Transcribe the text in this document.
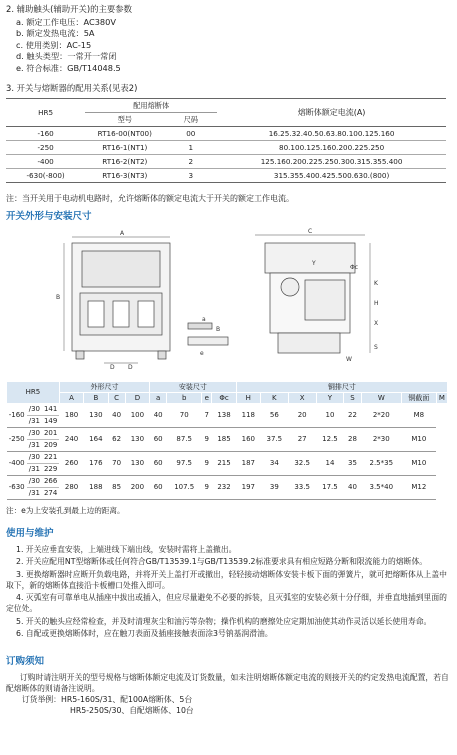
2. 辅助触头(辅助开关)的主要参数
a. 额定工作电压：AC380V
b. 额定发热电流：5A
c. 使用类别：AC-15
d. 触头类型：一常开一常闭
e. 符合标准：GB/T14048.5
3. 开关与熔断器的配用关系(见表2)
HR5	配用熔断体		熔断体额定电流(A)
	型号	尺码	
-160	RT16-00(NT00)	00	16.25.32.40.50.63.80.100.125.160
-250	RT16-1(NT1)	1	80.100.125.160.200.225.250
-400	RT16-2(NT2)	2	125.160.200.225.250.300.315.355.400
-630(-800)	RT16-3(NT3)	3	315.355.400.425.500.630.(800)
注：当开关用于电动机电路时，允许熔断体的额定电流大于开关的额定工作电流。
开关外形与安装尺寸
A
B
D D
B
a
e
C
K
H
X
S
Y
W
Φc
HR5			外形尺寸				安装尺寸				铜排尺寸							
			A	B	C	D	a	b	e	Φc	H	K	X	Y	S	W	铜截面	M
-160	/30	141	180	130	40	100	40	70	7	138	118	56	20	10	22	2*20	M8	
	/31	149																
-250	/30	201	240	164	62	130	60	87.5	9	185	160	37.5	27	12.5	28	2*30	M10	
	/31	209																
-400	/30	221	260	176	70	130	60	97.5	9	215	187	34	32.5	14	35	2.5*35	M10	
	/31	229																
-630	/30	266	280	188	85	200	60	107.5	9	232	197	39	33.5	17.5	40	3.5*40	M12	
	/31	274																
注：e为上安装孔到最上边的距离。
使用与维护

1. 开关应垂直安装，上端进线下端出线，安装时需将上盖撤出。

2. 开关应配用NT型熔断体或任何符合GB/T13539.1与GB/T13539.2标准要求具有相应短路分断和限流能力的熔断体。

3. 更换熔断器时应断开负载电路，并将开关上盖打开或撤出，轻轻接动熔断体安装卡板下面的弹簧片，就可把熔断体从上盖中取下，新的熔断体直接沿卡板槽口处推入即可。

4. 灭弧室有可靠单电从插座中拔出或插入，但应尽量避免不必要的拆装，且灭弧室的安装必须十分仔细，并垂直地插到里面的定位处。

5. 开关的触头应经常检查，并及时清理灰尘和油污等杂物；操作机构的磨擦处应定期加油使其动作灵活以延长使用寿命。

6. 自配或更换熔断体时，应在触刀表面及插座接触表面涂3号钠基润滑油。

订购须知

订购时请注明开关的型号规格与熔断体额定电流及订货数量，如未注明熔断体额定电流的则接开关的约定发热电流配置，若自配熔断体的则请备注说明。

订货举例：HR5-160S/31、配100A熔断体、5台
HR5-250S/30、自配熔断体、10台
